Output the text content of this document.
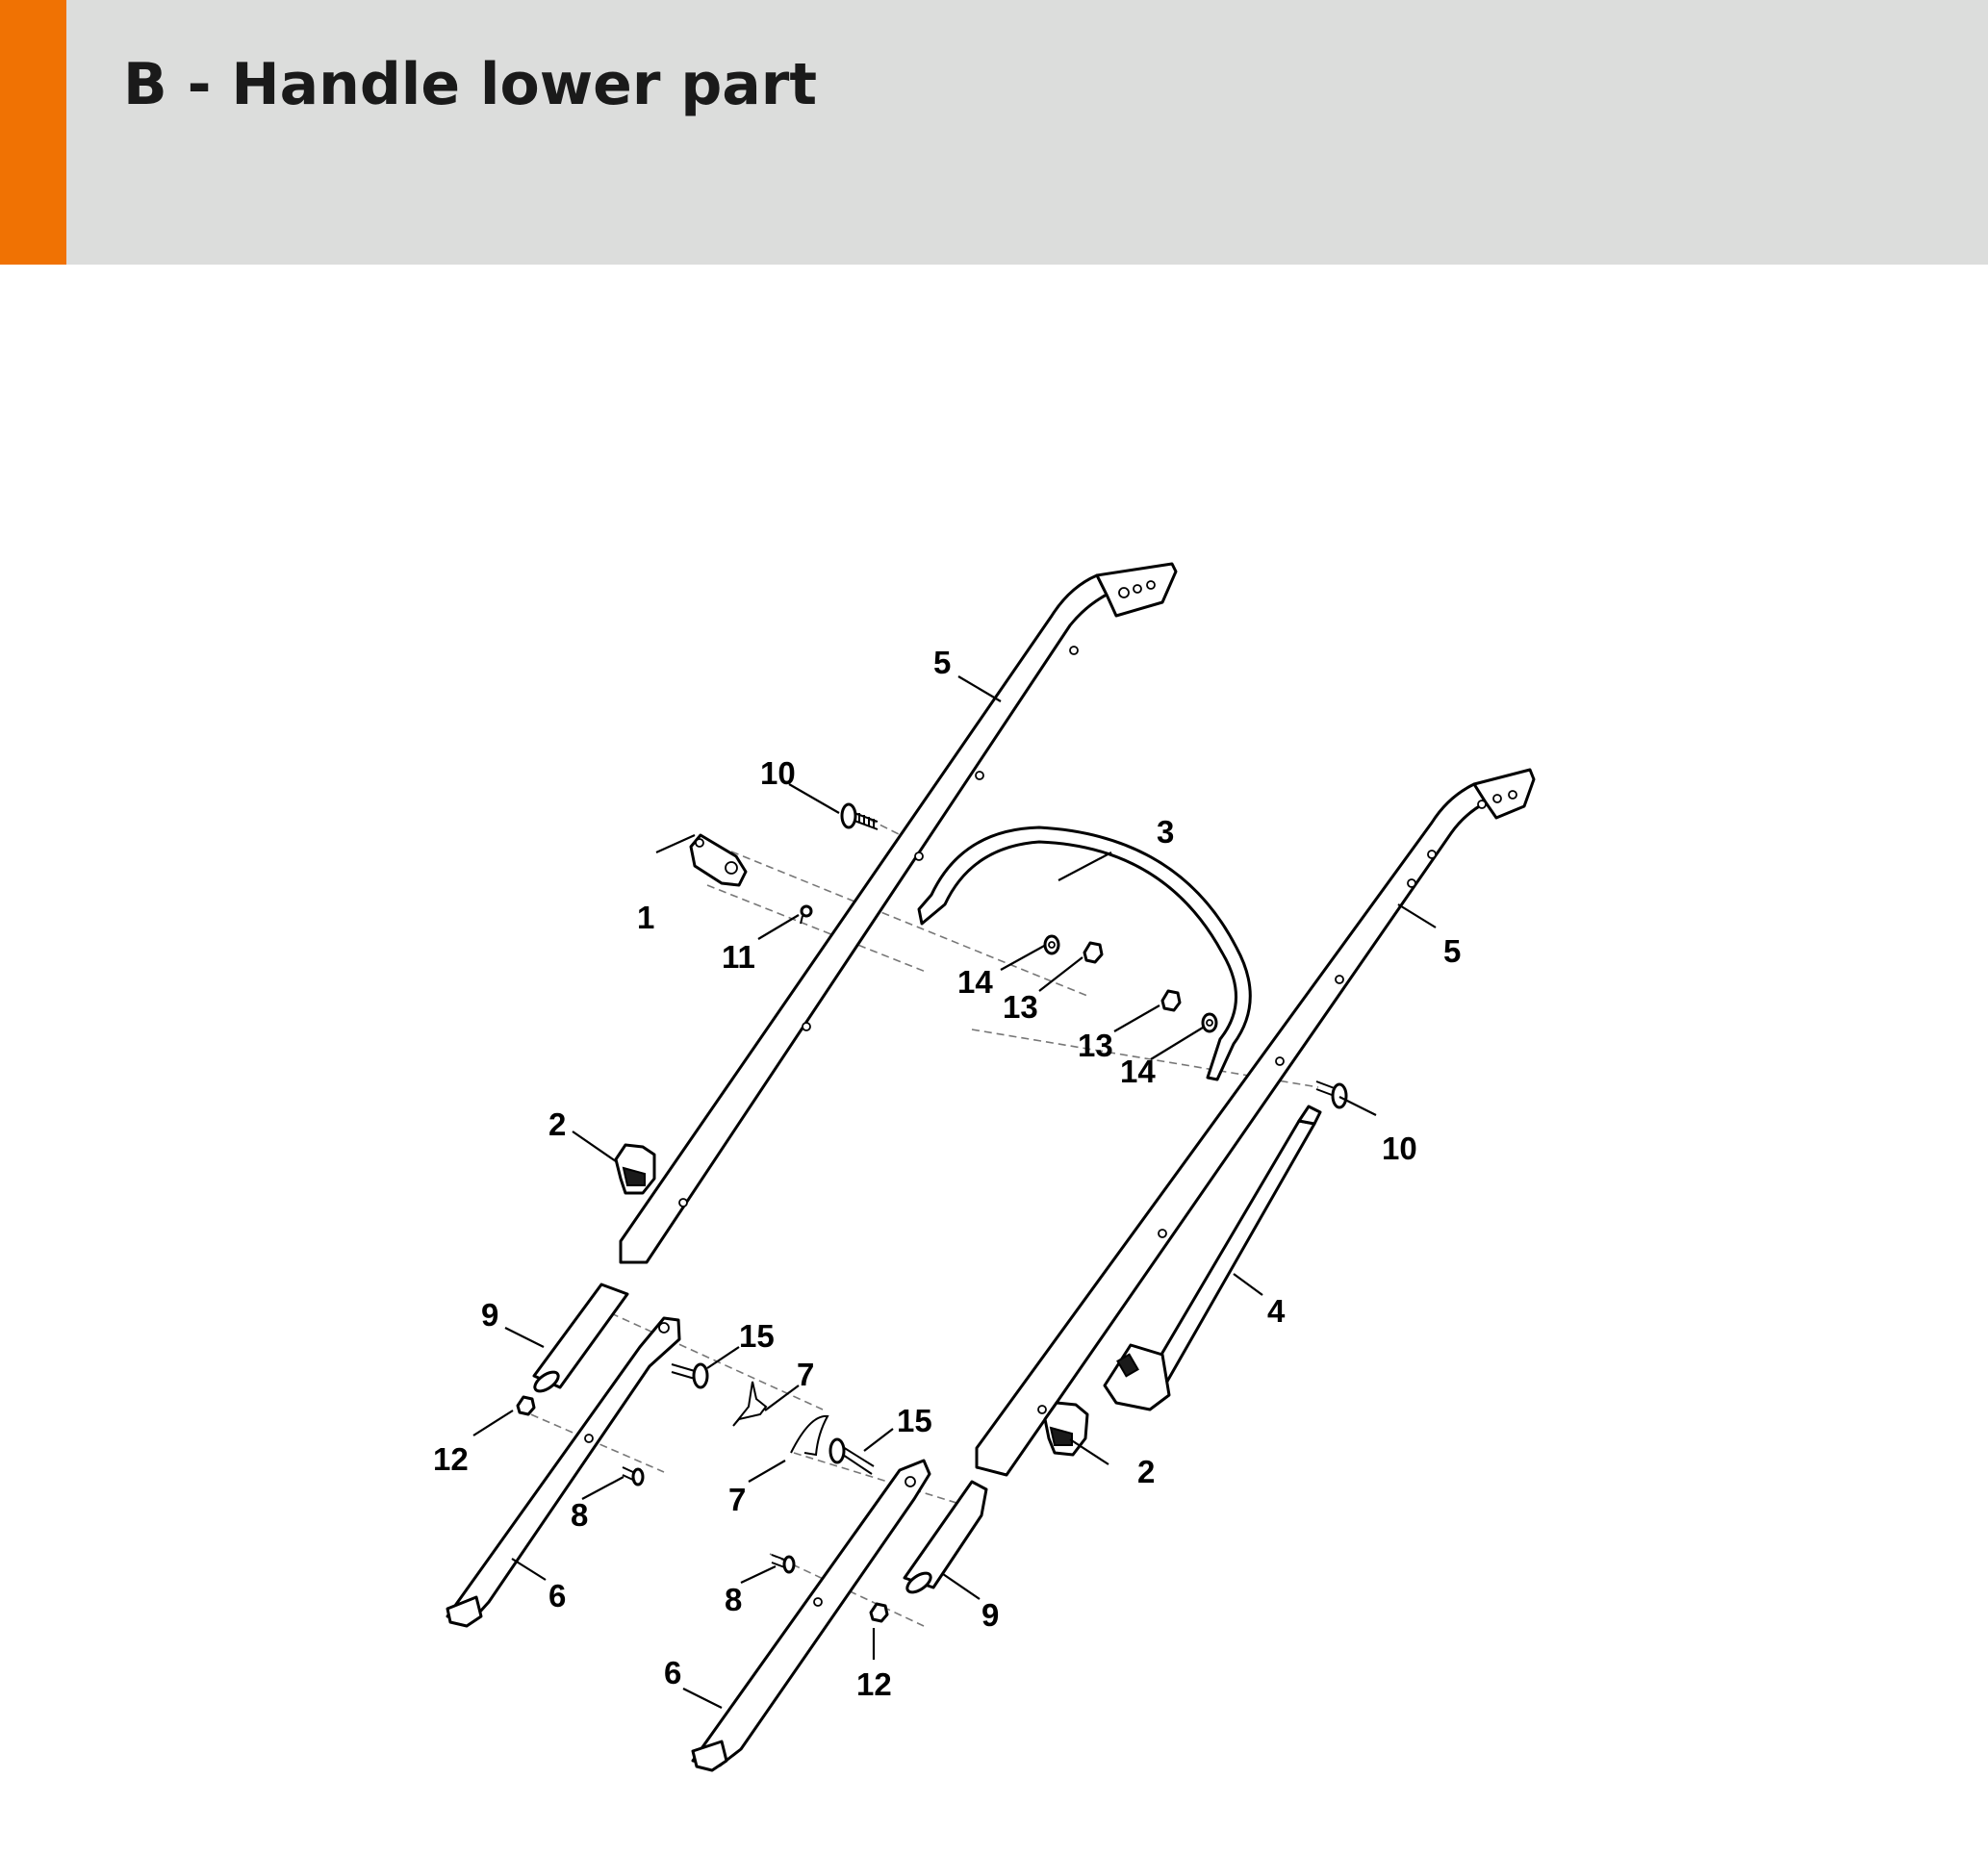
B - Handle lower part
5
10
3
1
11	5
14
13
13
14
10
2
4
9
15
7
15
12	2
7
8
6	8	9
6	12
